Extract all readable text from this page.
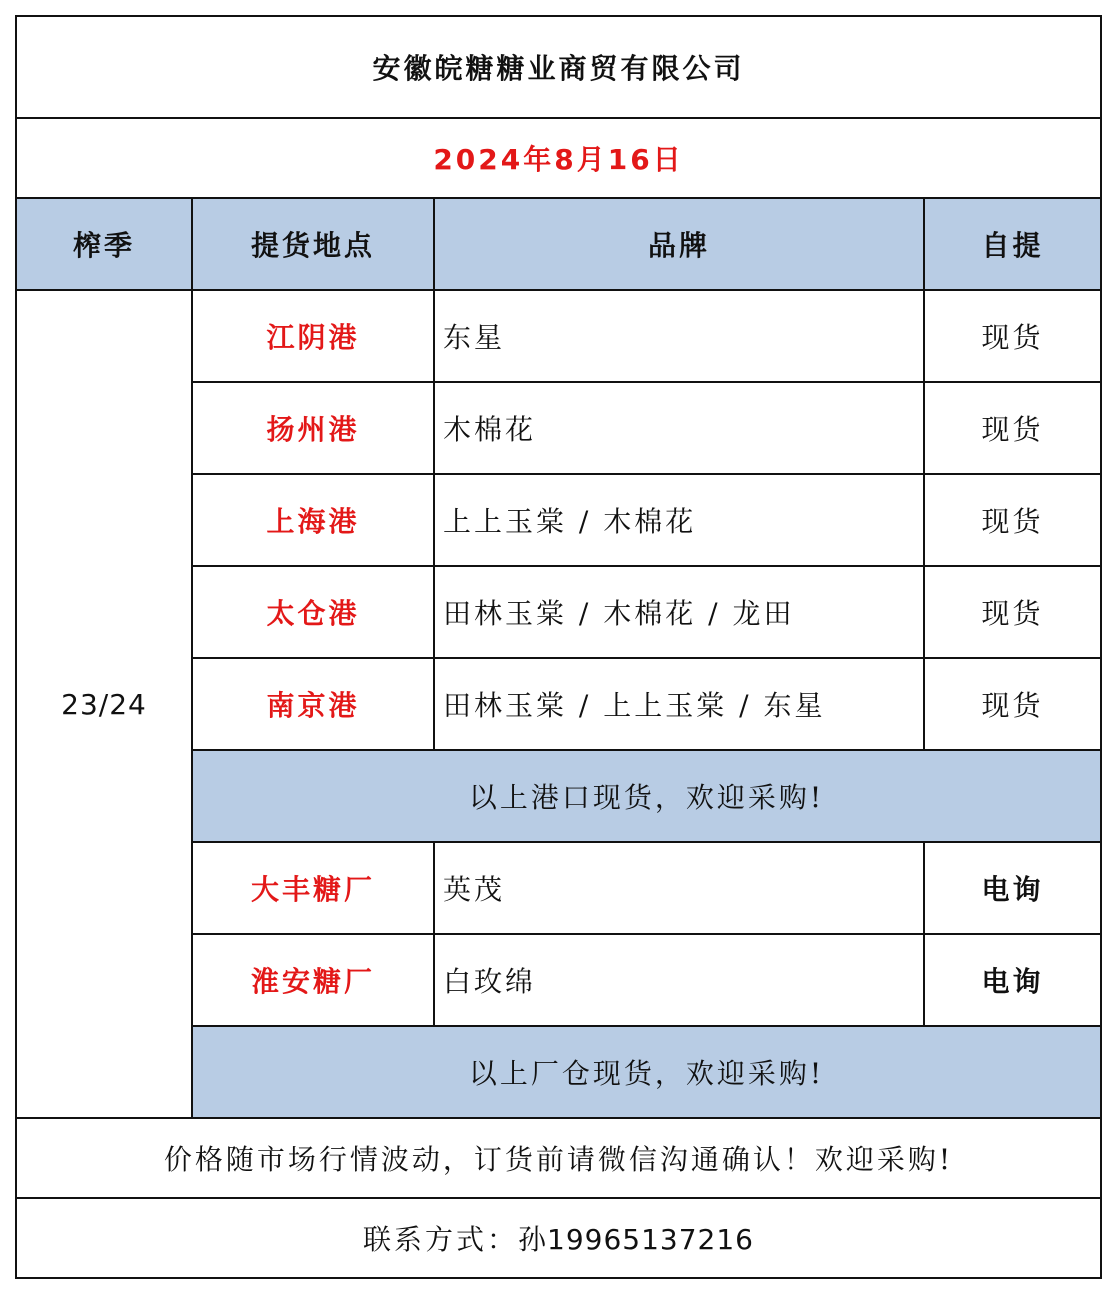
安徽皖糖糖业商贸有限公司			
2024年8月16日			
榨季	提货地点	品牌	自提
23/24	江阴港	东星	现货
	扬州港	木棉花	现货
	上海港	上上玉棠 / 木棉花	现货
	太仓港	田林玉棠 / 木棉花 / 龙田	现货
	南京港	田林玉棠 / 上上玉棠 / 东星	现货
	以上港口现货，欢迎采购!		
	大丰糖厂	英茂	电询
	淮安糖厂	白玫绵	电询
	以上厂仓现货，欢迎采购!		
价格随市场行情波动，订货前请微信沟通确认！欢迎采购!			
联系方式：孙19965137216			
